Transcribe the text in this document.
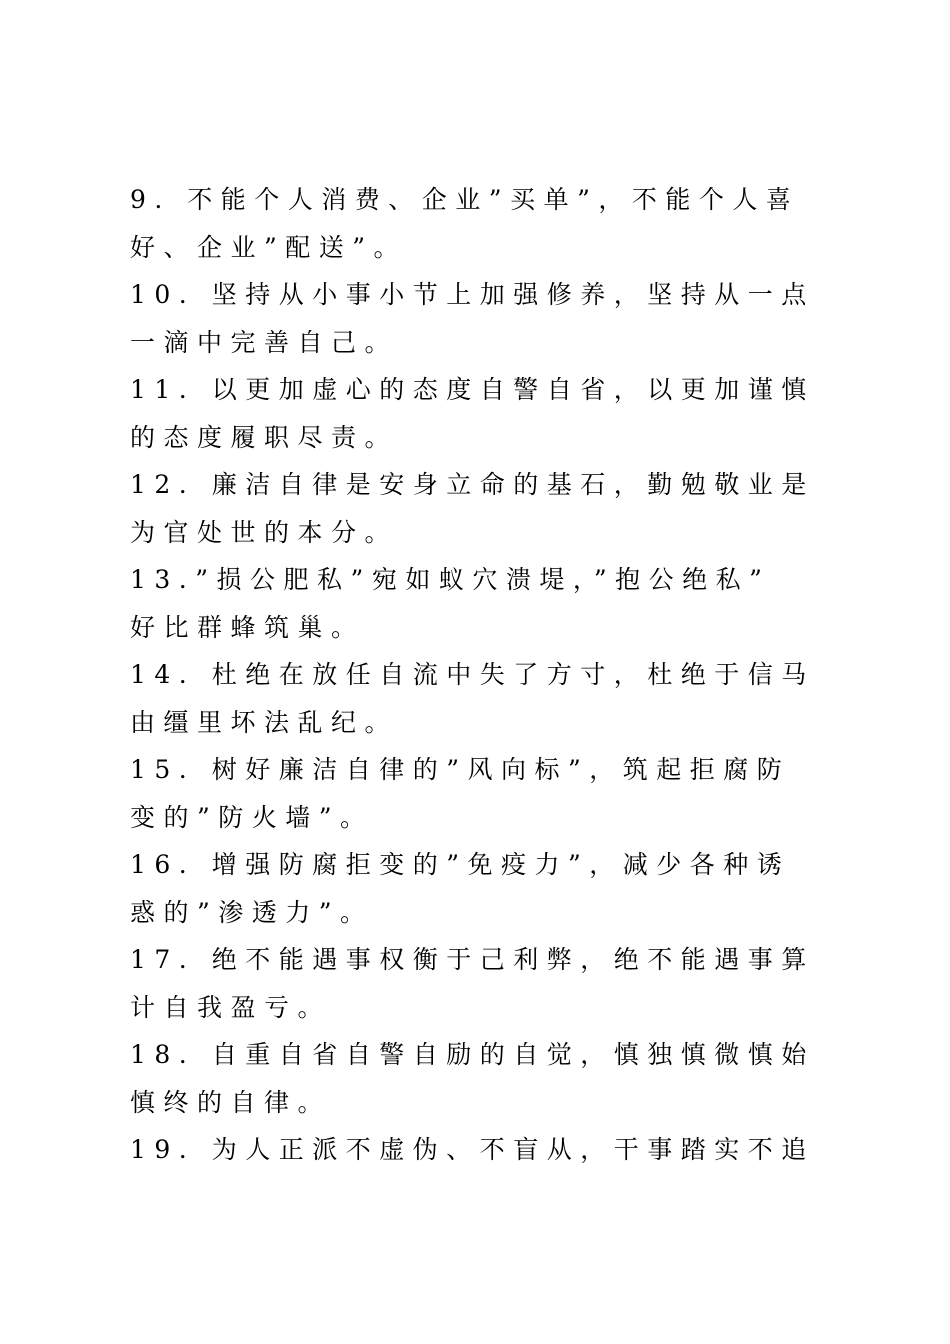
9. 不能个人消费、企业”买单”，不能个人喜
好、企业”配送”。
10. 坚持从小事小节上加强修养，坚持从一点
一滴中完善自己。
11. 以更加虚心的态度自警自省，以更加谨慎
的态度履职尽责。
12. 廉洁自律是安身立命的基石，勤勉敬业是
为官处世的本分。
13.”损公肥私”宛如蚁穴溃堤，”抱公绝私”
好比群蜂筑巢。
14. 杜绝在放任自流中失了方寸，杜绝于信马
由缰里坏法乱纪。
15. 树好廉洁自律的”风向标”，筑起拒腐防
变的”防火墙”。
16. 增强防腐拒变的”免疫力”，减少各种诱
惑的”渗透力”。
17. 绝不能遇事权衡于己利弊，绝不能遇事算
计自我盈亏。
18. 自重自省自警自励的自觉，慎独慎微慎始
慎终的自律。
19. 为人正派不虚伪、不盲从，干事踏实不追
